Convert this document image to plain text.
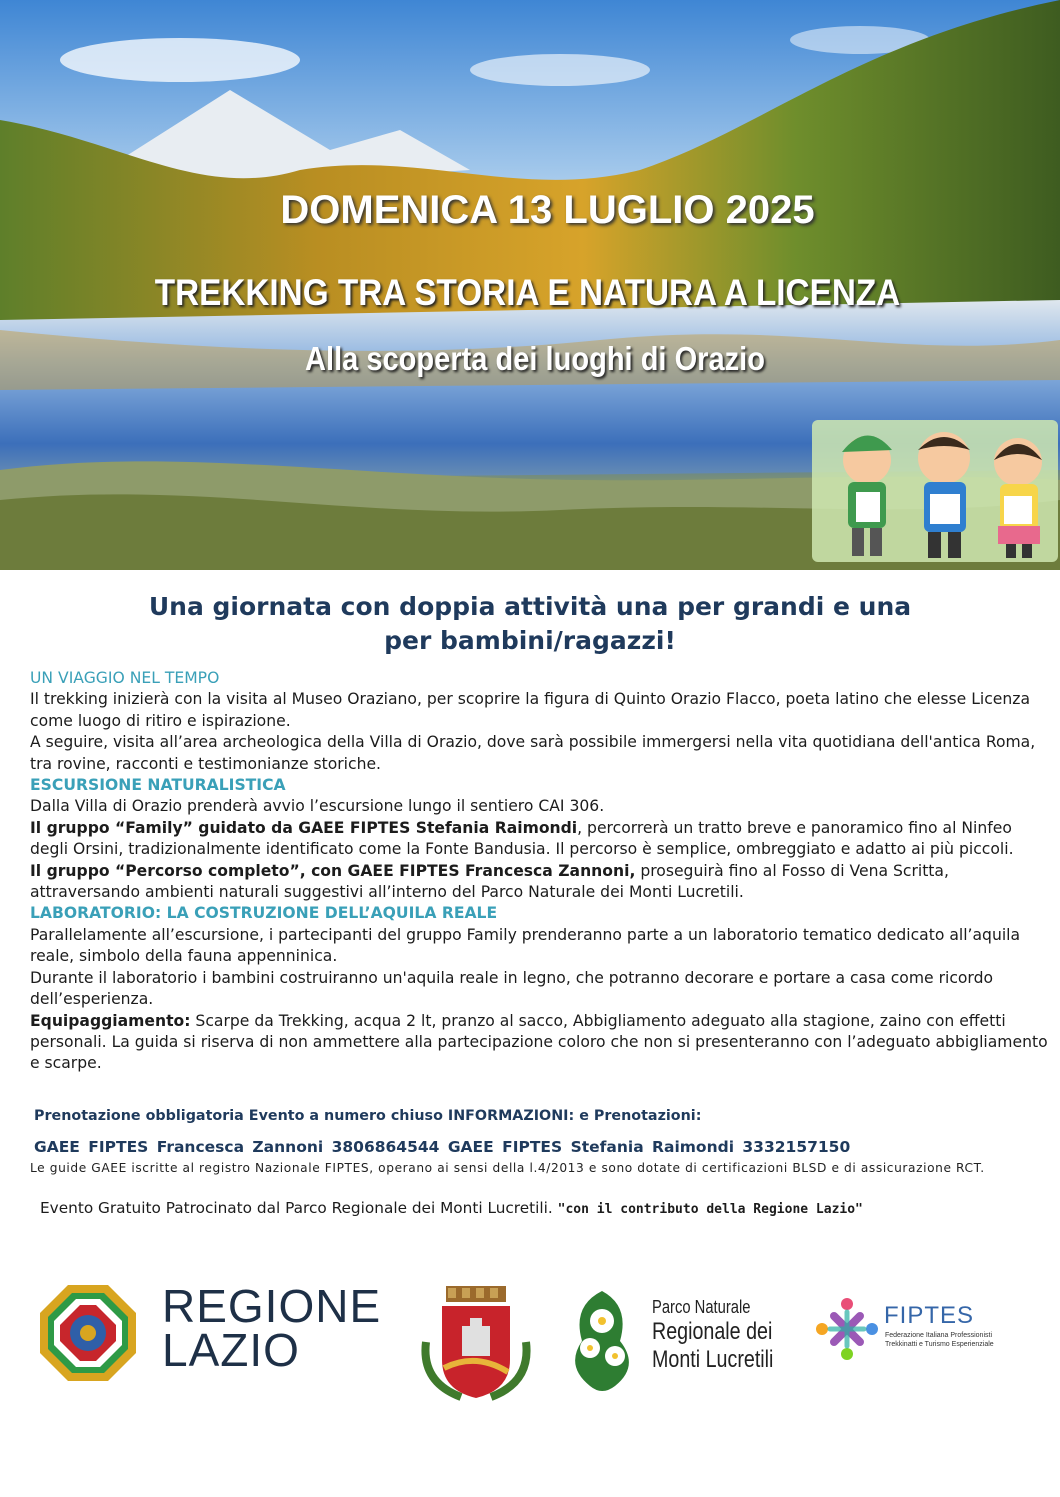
DOMENICA 13 LUGLIO 2025
TREKKING TRA STORIA E NATURA A LICENZA
Alla scoperta dei luoghi di Orazio
Una giornata con doppia attività una per grandi e una
per bambini/ragazzi!

UN VIAGGIO NEL TEMPO

Il trekking inizierà con la visita al Museo Oraziano, per scoprire la figura di Quinto Orazio Flacco, poeta latino che elesse Licenza come luogo di ritiro e ispirazione.

A seguire, visita all’area archeologica della Villa di Orazio, dove sarà possibile immergersi nella vita quotidiana dell'antica Roma, tra rovine, racconti e testimonianze storiche.

ESCURSIONE NATURALISTICA

Dalla Villa di Orazio prenderà avvio l’escursione lungo il sentiero CAI 306.

Il gruppo “Family” guidato da GAEE FIPTES Stefania Raimondi, percorrerà un tratto breve e panoramico fino al Ninfeo degli Orsini, tradizionalmente identificato come la Fonte Bandusia. Il percorso è semplice, ombreggiato e adatto ai più piccoli.

Il gruppo “Percorso completo”, con GAEE FIPTES Francesca Zannoni, proseguirà fino al Fosso di Vena Scritta, attraversando ambienti naturali suggestivi all’interno del Parco Naturale dei Monti Lucretili.

LABORATORIO: LA COSTRUZIONE DELL’AQUILA REALE

Parallelamente all’escursione, i partecipanti del gruppo Family prenderanno parte a un laboratorio tematico dedicato all’aquila reale, simbolo della fauna appenninica.

Durante il laboratorio i bambini costruiranno un'aquila reale in legno, che potranno decorare e portare a casa come ricordo dell’esperienza.

Equipaggiamento: Scarpe da Trekking, acqua 2 lt, pranzo al sacco, Abbigliamento adeguato alla stagione, zaino con effetti personali. La guida si riserva di non ammettere alla partecipazione coloro che non si presenteranno con l’adeguato abbigliamento e scarpe.

Prenotazione obbligatoria Evento a numero chiuso INFORMAZIONI: e Prenotazioni:
GAEE FIPTES Francesca Zannoni 3806864544 GAEE FIPTES Stefania Raimondi 3332157150
Le guide GAEE iscritte al registro Nazionale FIPTES, operano ai sensi della l.4/2013 e sono dotate di certificazioni BLSD e di assicurazione RCT.
Evento Gratuito Patrocinato dal Parco Regionale dei Monti Lucretili. "con il contributo della Regione Lazio"
REGIONE
LAZIO
Parco Naturale
Regionale dei
Monti Lucretili
FIPTES
Federazione Italiana Professionisti Trekkinatti e Turismo Esperienziale
